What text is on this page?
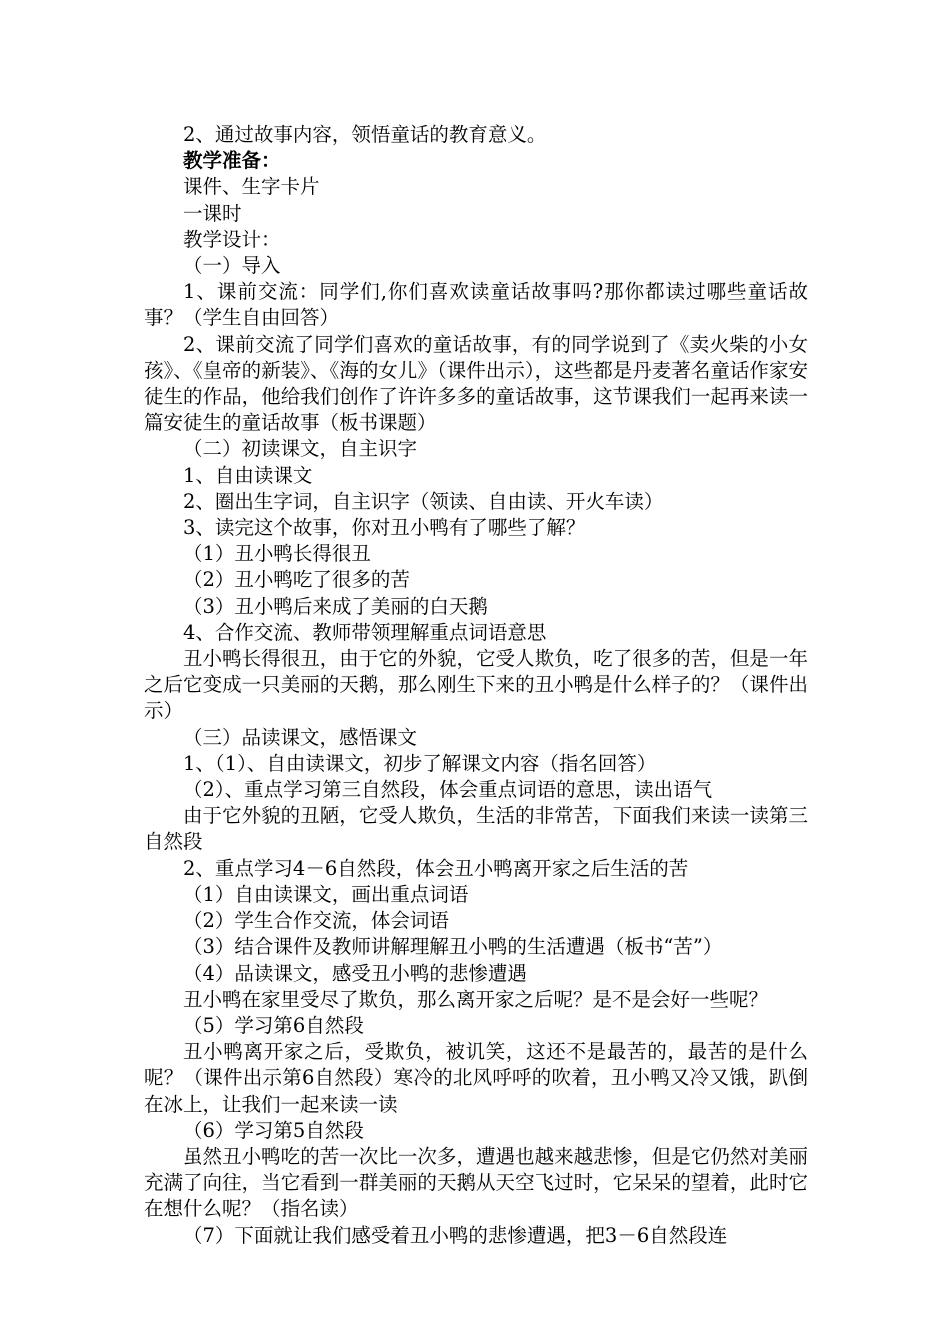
2、通过故事内容，领悟童话的教育意义。

教学准备：

课件、生字卡片

一课时

教学设计：

（一）导入

1、课前交流：同学们,你们喜欢读童话故事吗?那你都读过哪些童话故事？（学生自由回答）

2、课前交流了同学们喜欢的童话故事，有的同学说到了《卖火柴的小女孩》、《皇帝的新装》、《海的女儿》（课件出示），这些都是丹麦著名童话作家安徒生的作品，他给我们创作了许许多多的童话故事，这节课我们一起再来读一篇安徒生的童话故事（板书课题）

（二）初读课文，自主识字

1、自由读课文

2、圈出生字词，自主识字（领读、自由读、开火车读）

3、读完这个故事，你对丑小鸭有了哪些了解？

（1）丑小鸭长得很丑

（2）丑小鸭吃了很多的苦

（3）丑小鸭后来成了美丽的白天鹅

4、合作交流、教师带领理解重点词语意思

丑小鸭长得很丑，由于它的外貌，它受人欺负，吃了很多的苦，但是一年之后它变成一只美丽的天鹅，那么刚生下来的丑小鸭是什么样子的？（课件出示）

（三）品读课文，感悟课文

1、（1）、自由读课文，初步了解课文内容（指名回答）

（2）、重点学习第三自然段，体会重点词语的意思，读出语气

由于它外貌的丑陋，它受人欺负，生活的非常苦，下面我们来读一读第三自然段

2、重点学习4－6自然段，体会丑小鸭离开家之后生活的苦

（1）自由读课文，画出重点词语

（2）学生合作交流，体会词语

（3）结合课件及教师讲解理解丑小鸭的生活遭遇（板书“苦”）

（4）品读课文，感受丑小鸭的悲惨遭遇

丑小鸭在家里受尽了欺负，那么离开家之后呢？是不是会好一些呢？

（5）学习第6自然段

丑小鸭离开家之后，受欺负，被讥笑，这还不是最苦的，最苦的是什么呢？（课件出示第6自然段）寒冷的北风呼呼的吹着，丑小鸭又冷又饿，趴倒在冰上，让我们一起来读一读

（6）学习第5自然段

虽然丑小鸭吃的苦一次比一次多，遭遇也越来越悲惨，但是它仍然对美丽充满了向往，当它看到一群美丽的天鹅从天空飞过时，它呆呆的望着，此时它在想什么呢？（指名读）

（7）下面就让我们感受着丑小鸭的悲惨遭遇，把3－6自然段连
